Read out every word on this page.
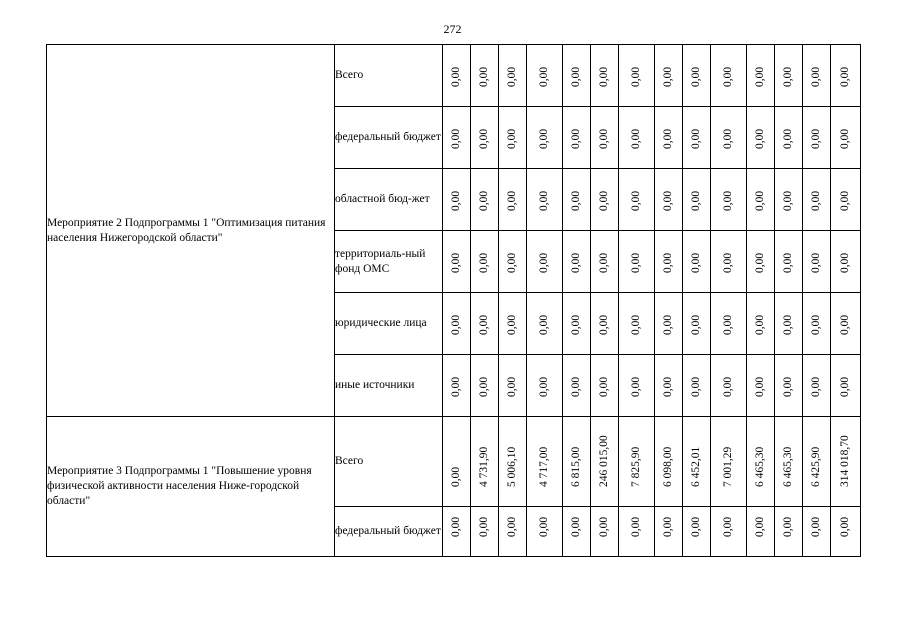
272
Мероприятие 2 Подпрограммы 1 "Оптимизация питания населения Нижегородской области"	Всего	0,00	0,00	0,00	0,00	0,00	0,00	0,00	0,00	0,00	0,00	0,00	0,00	0,00	0,00

	федеральный бюджет	0,00	0,00	0,00	0,00	0,00	0,00	0,00	0,00	0,00	0,00	0,00	0,00	0,00	0,00

	областной бюд-жет	0,00	0,00	0,00	0,00	0,00	0,00	0,00	0,00	0,00	0,00	0,00	0,00	0,00	0,00

	территориаль-ный фонд ОМС	0,00	0,00	0,00	0,00	0,00	0,00	0,00	0,00	0,00	0,00	0,00	0,00	0,00	0,00

	юридические лица	0,00	0,00	0,00	0,00	0,00	0,00	0,00	0,00	0,00	0,00	0,00	0,00	0,00	0,00

	иные источники	0,00	0,00	0,00	0,00	0,00	0,00	0,00	0,00	0,00	0,00	0,00	0,00	0,00	0,00

Мероприятие 3 Подпрограммы 1 "Повышение уровня физической активности населения Ниже-городской области"	Всего	0,00	4 731,90	5 006,10	4 717,00	6 815,00	246 015,00	7 825,90	6 098,00	6 452,01	7 001,29	6 465,30	6 465,30	6 425,90	314 018,70

	федеральный бюджет	0,00	0,00	0,00	0,00	0,00	0,00	0,00	0,00	0,00	0,00	0,00	0,00	0,00	0,00
